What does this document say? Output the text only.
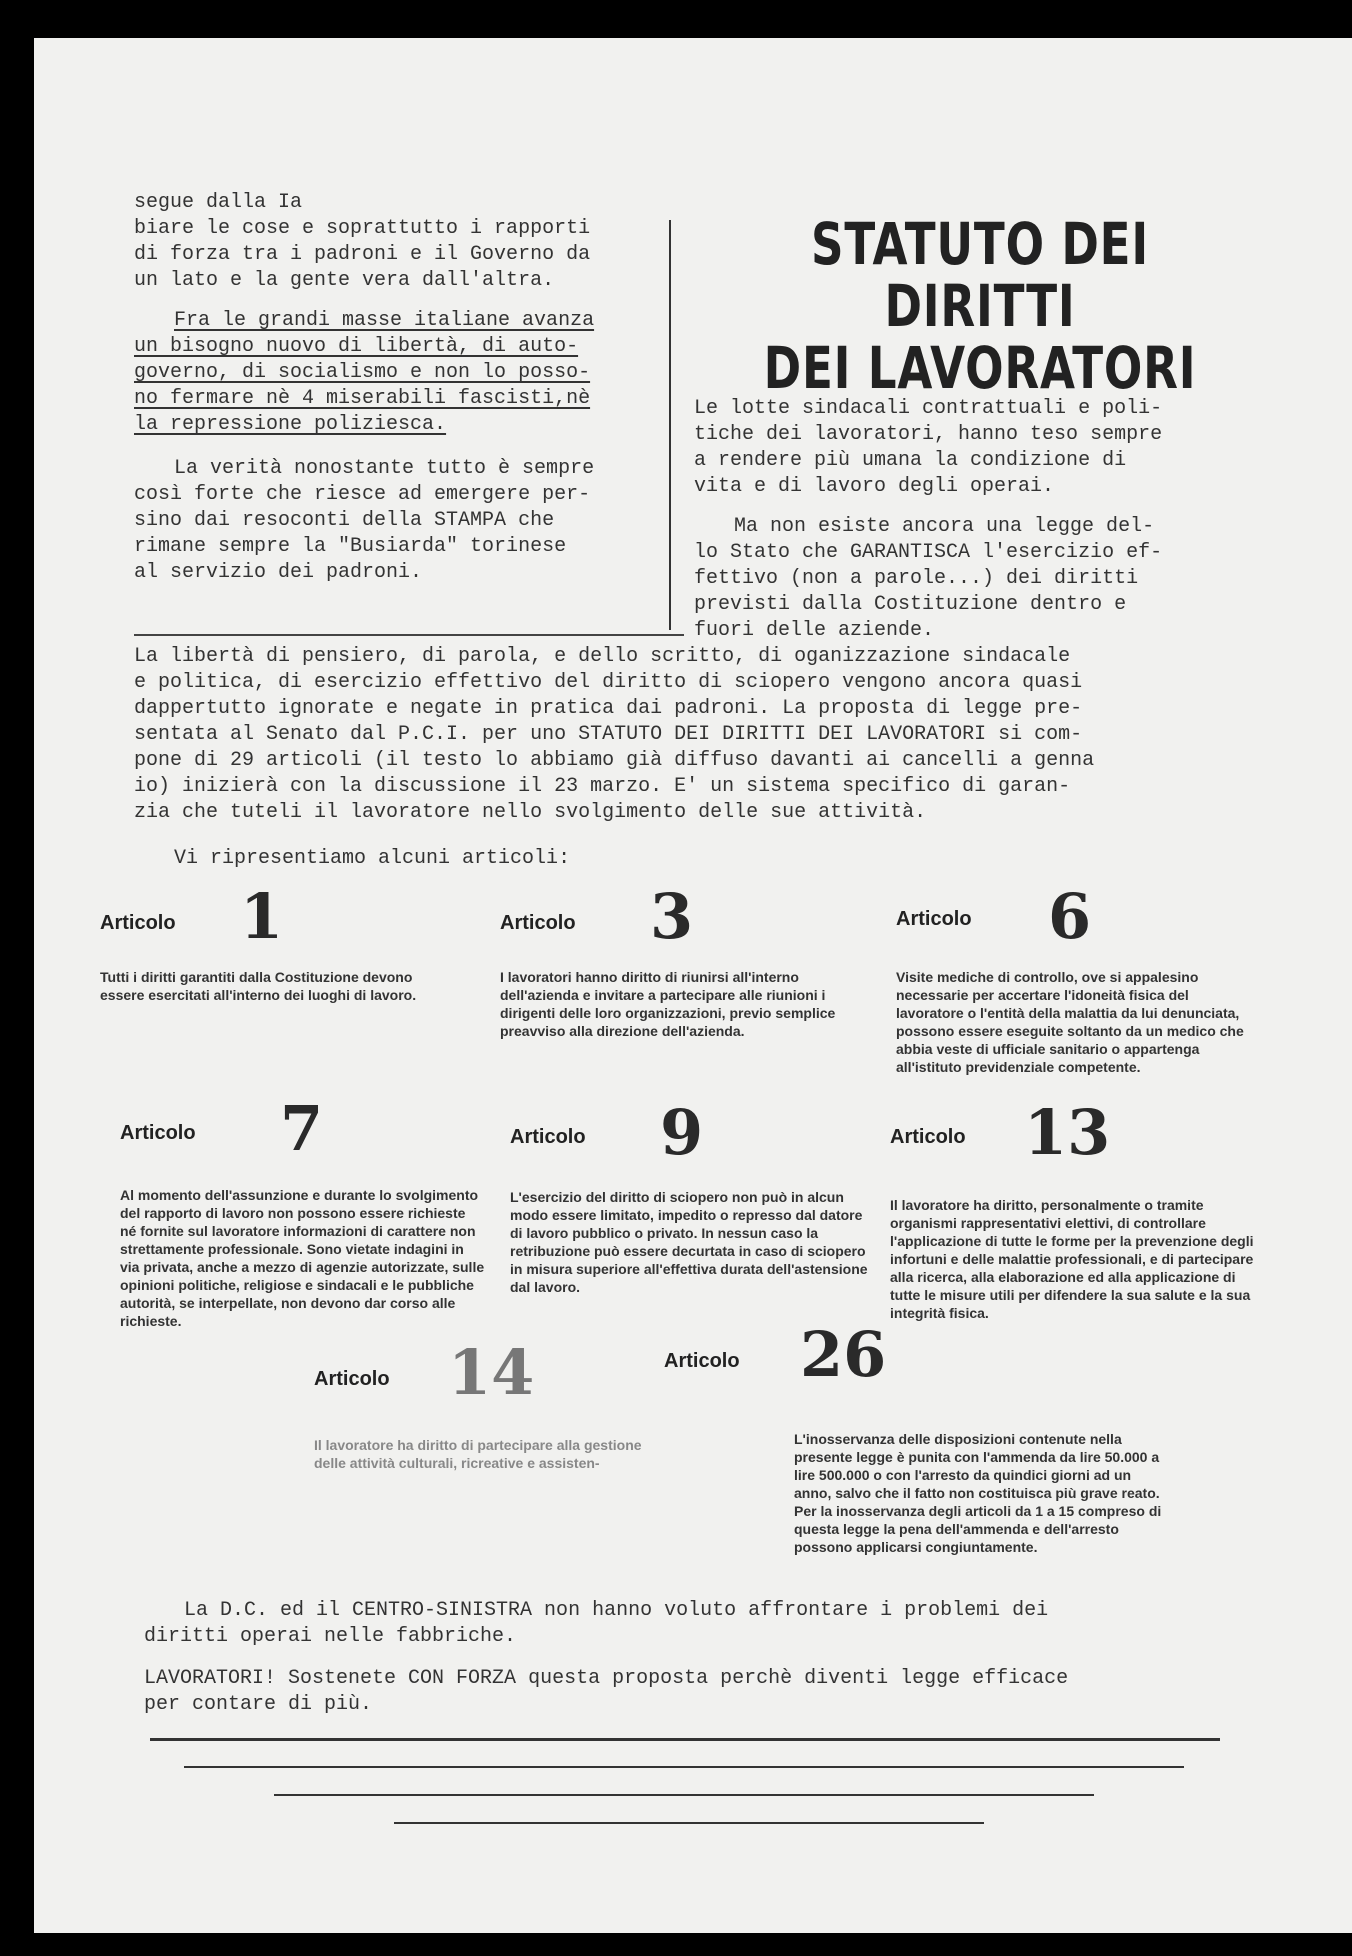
segue dalla Ia
biare le cose e soprattutto i rapporti
di forza tra i padroni e il Governo da
un lato e la gente vera dall'altra.
Fra le grandi masse italiane avanza
un bisogno nuovo di libertà, di auto-
governo, di socialismo e non lo posso-
no fermare nè 4 miserabili fascisti,nè
la repressione poliziesca.
La verità nonostante tutto è sempre
così forte che riesce ad emergere per-
sino dai resoconti della STAMPA che
rimane sempre la "Busiarda" torinese
al servizio dei padroni.
STATUTO DEI DIRITTI
DEI LAVORATORI
Le lotte sindacali contrattuali e poli-
tiche dei lavoratori, hanno teso sempre
a rendere più umana la condizione di
vita e di lavoro degli operai.
Ma non esiste ancora una legge del-
lo Stato che GARANTISCA l'esercizio ef-
fettivo (non a parole...) dei diritti
previsti dalla Costituzione dentro e
fuori delle aziende.
La libertà di pensiero, di parola, e dello scritto, di oganizzazione sindacale
e politica, di esercizio effettivo del diritto di sciopero vengono ancora quasi
dappertutto ignorate e negate in pratica dai padroni. La proposta di legge pre-
sentata al Senato dal P.C.I. per uno STATUTO DEI DIRITTI DEI LAVORATORI si com-
pone di 29 articoli (il testo lo abbiamo già diffuso davanti ai cancelli a genna
io) inizierà con la discussione il 23 marzo. E' un sistema specifico di garan-
zia che tuteli il lavoratore nello svolgimento delle sue attività.
Vi ripresentiamo alcuni articoli:
Articolo 1
Tutti i diritti garantiti dalla Costituzione devono essere esercitati all'interno dei luoghi di lavoro.
Articolo 3
I lavoratori hanno diritto di riunirsi all'interno dell'azienda e invitare a partecipare alle riunioni i dirigenti delle loro organizzazioni, previo semplice preavviso alla direzione dell'azienda.
Articolo 6
Visite mediche di controllo, ove si appalesino necessarie per accertare l'idoneità fisica del lavoratore o l'entità della malattia da lui denunciata, possono essere eseguite soltanto da un medico che abbia veste di ufficiale sanitario o appartenga all'istituto previdenziale competente.
Articolo 7
Al momento dell'assunzione e durante lo svolgimento del rapporto di lavoro non possono essere richieste né fornite sul lavoratore informazioni di carattere non strettamente professionale. Sono vietate indagini in via privata, anche a mezzo di agenzie autorizzate, sulle opinioni politiche, religiose e sindacali e le pubbliche autorità, se interpellate, non devono dar corso alle richieste.
Articolo 9
L'esercizio del diritto di sciopero non può in alcun modo essere limitato, impedito o represso dal datore di lavoro pubblico o privato. In nessun caso la retribuzione può essere decurtata in caso di sciopero in misura superiore all'effettiva durata dell'astensione dal lavoro.
Articolo 13
Il lavoratore ha diritto, personalmente o tramite organismi rappresentativi elettivi, di controllare l'applicazione di tutte le forme per la prevenzione degli infortuni e delle malattie professionali, e di partecipare alla ricerca, alla elaborazione ed alla applicazione di tutte le misure utili per difendere la sua salute e la sua integrità fisica.
Articolo 14
Il lavoratore ha diritto di partecipare alla gestione delle attività culturali, ricreative e assisten-
Articolo 26
L'inosservanza delle disposizioni contenute nella presente legge è punita con l'ammenda da lire 50.000 a lire 500.000 o con l'arresto da quindici giorni ad un anno, salvo che il fatto non costituisca più grave reato. Per la inosservanza degli articoli da 1 a 15 compreso di questa legge la pena dell'ammenda e dell'arresto possono applicarsi congiuntamente.
La D.C. ed il CENTRO-SINISTRA non hanno voluto affrontare i problemi dei
diritti operai nelle fabbriche.
LAVORATORI! Sostenete CON FORZA questa proposta perchè diventi legge efficace
per contare di più.
